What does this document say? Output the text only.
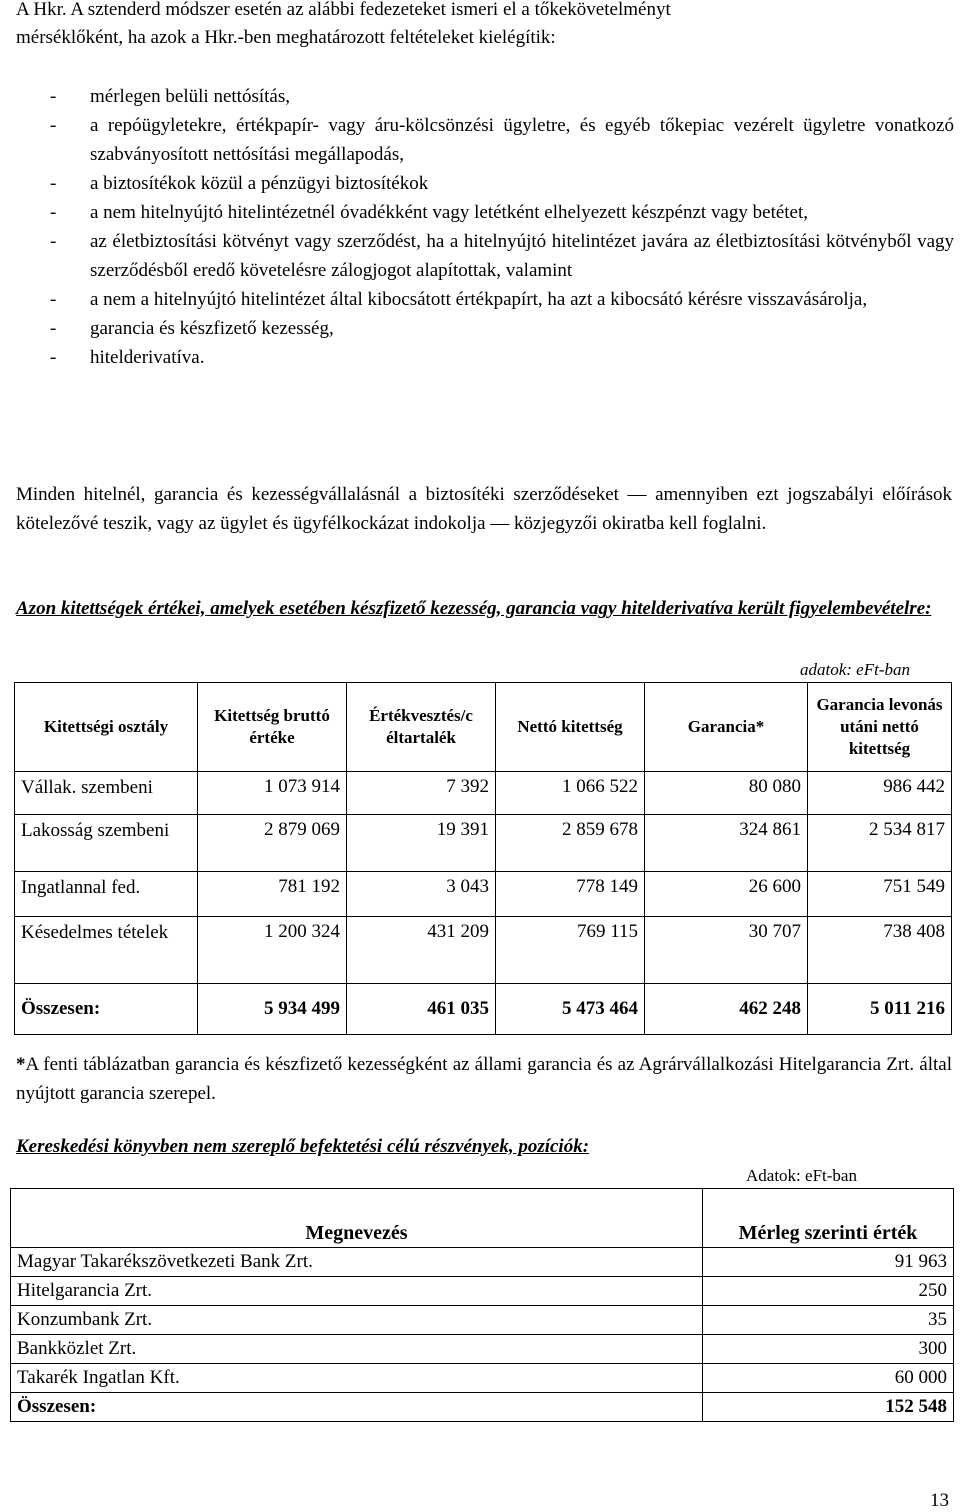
A Hkr. A sztenderd módszer esetén az alábbi fedezeteket ismeri el a tőkekövetelményt
mérséklőként, ha azok a Hkr.-ben meghatározott feltételeket kielégítik:
- mérlegen belüli nettósítás,
- a repóügyletekre, értékpapír- vagy áru-kölcsönzési ügyletre, és egyéb tőkepiac vezérelt ügyletre vonatkozó szabványosított nettósítási megállapodás,
- a biztosítékok közül a pénzügyi biztosítékok
- a nem hitelnyújtó hitelintézetnél óvadékként vagy letétként elhelyezett készpénzt vagy betétet,
- az életbiztosítási kötvényt vagy szerződést, ha a hitelnyújtó hitelintézet javára az életbiztosítási kötvényből vagy szerződésből eredő követelésre zálogjogot alapítottak, valamint
- a nem a hitelnyújtó hitelintézet által kibocsátott értékpapírt, ha azt a kibocsátó kérésre visszavásárolja,
- garancia és készfizető kezesség,
- hitelderivatíva.
Minden hitelnél, garancia és kezességvállalásnál a biztosítéki szerződéseket — amennyiben ezt jogszabályi előírások kötelezővé teszik, vagy az ügylet és ügyfélkockázat indokolja — közjegyzői okiratba kell foglalni.
Azon kitettségek értékei, amelyek esetében készfizető kezesség, garancia vagy hitelderivatíva került figyelembevételre:
adatok: eFt-ban
Kitettségi osztály	Kitettség bruttó értéke	Értékvesztés/c éltartalék	Nettó kitettség	Garancia*	Garancia levonás utáni nettó kitettség
Vállak. szembeni	1 073 914	7 392	1 066 522	80 080	986 442
Lakosság szembeni	2 879 069	19 391	2 859 678	324 861	2 534 817
Ingatlannal fed.	781 192	3 043	778 149	26 600	751 549
Késedelmes tételek	1 200 324	431 209	769 115	30 707	738 408
Összesen:	5 934 499	461 035	5 473 464	462 248	5 011 216
*A fenti táblázatban garancia és készfizető kezességként az állami garancia és az Agrárvállalkozási Hitelgarancia Zrt. által nyújtott garancia szerepel.
Kereskedési könyvben nem szereplő befektetési célú részvények, pozíciók:
Adatok: eFt-ban
Megnevezés	Mérleg szerinti érték
Magyar Takarékszövetkezeti Bank Zrt.	91 963
Hitelgarancia Zrt.	250
Konzumbank Zrt.	35
Bankközlet Zrt.	300
Takarék Ingatlan Kft.	60 000
Összesen:	152 548
13
